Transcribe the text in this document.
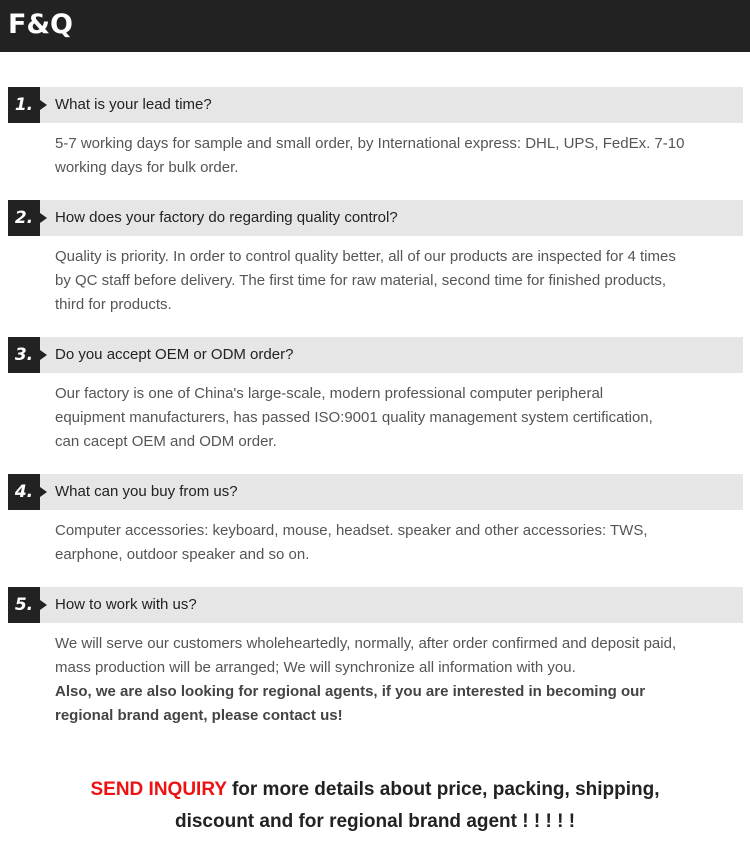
F&Q
1.	What is your lead time?

5-7 working days for sample and small order, by International express: DHL, UPS, FedEx. 7-10 working days for bulk order.

2.	How does your factory do regarding quality control?

Quality is priority. In order to control quality better, all of our products are inspected for 4 times by QC staff before delivery. The first time for raw material, second time for finished products, third for products.

3.	Do you accept OEM or ODM order?

Our factory is one of China's large-scale, modern professional computer peripheral equipment manufacturers, has passed ISO:9001 quality management system certification, can cacept OEM and ODM order.

4.	What can you buy from us?

Computer accessories: keyboard, mouse, headset. speaker and other accessories: TWS, earphone, outdoor speaker and so on.

5.	How to work with us?

We will serve our customers wholeheartedly, normally, after order confirmed and deposit paid, mass production will be arranged; We will synchronize all information with you.

Also, we are also looking for regional agents, if you are interested in becoming our regional brand agent, please contact us!

SEND INQUIRY for more details about price, packing, shipping,
discount and for regional brand agent ! ! ! ! !
